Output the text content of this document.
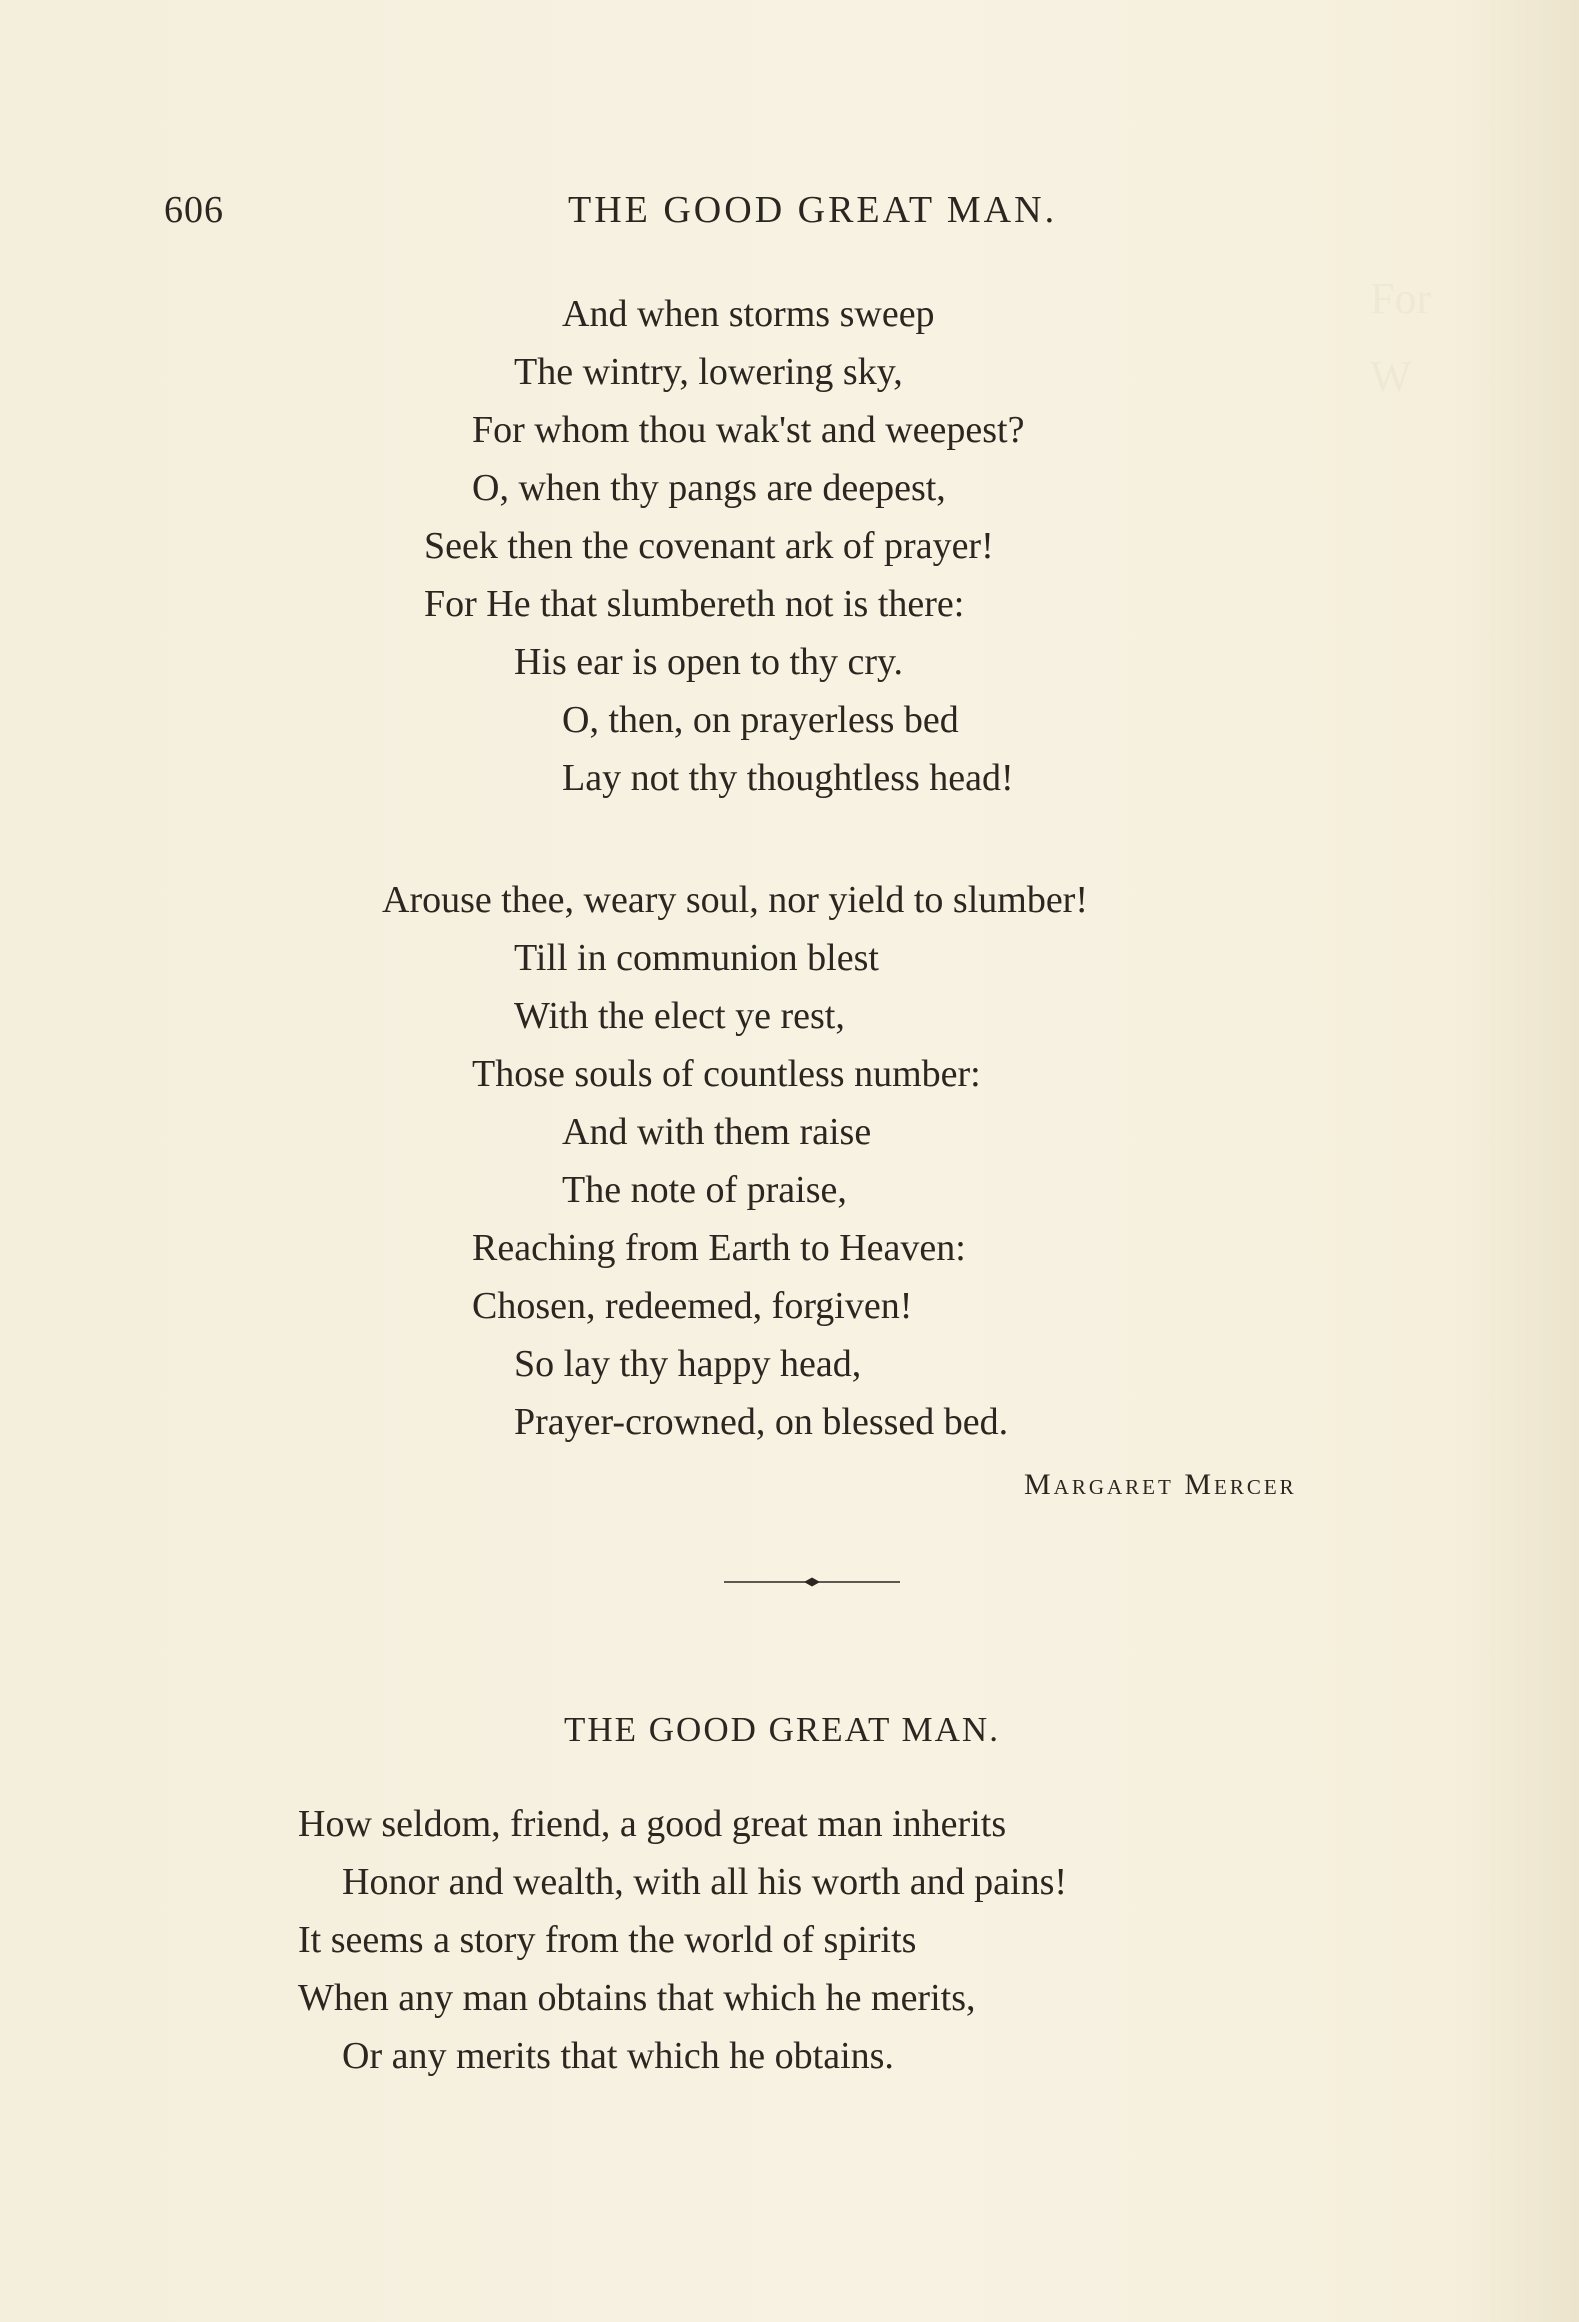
For
W
606	THE GOOD GREAT MAN.
And when storms sweep
The wintry, lowering sky,
For whom thou wak'st and weepest?
O, when thy pangs are deepest,
Seek then the covenant ark of prayer!
For He that slumbereth not is there:
His ear is open to thy cry.
O, then, on prayerless bed
Lay not thy thoughtless head!
Arouse thee, weary soul, nor yield to slumber!
Till in communion blest
With the elect ye rest,
Those souls of countless number:
And with them raise
The note of praise,
Reaching from Earth to Heaven:
Chosen, redeemed, forgiven!
So lay thy happy head,
Prayer-crowned, on blessed bed.
Margaret Mercer
THE GOOD GREAT MAN.
How seldom, friend, a good great man inherits
Honor and wealth, with all his worth and pains!
It seems a story from the world of spirits
When any man obtains that which he merits,
Or any merits that which he obtains.
